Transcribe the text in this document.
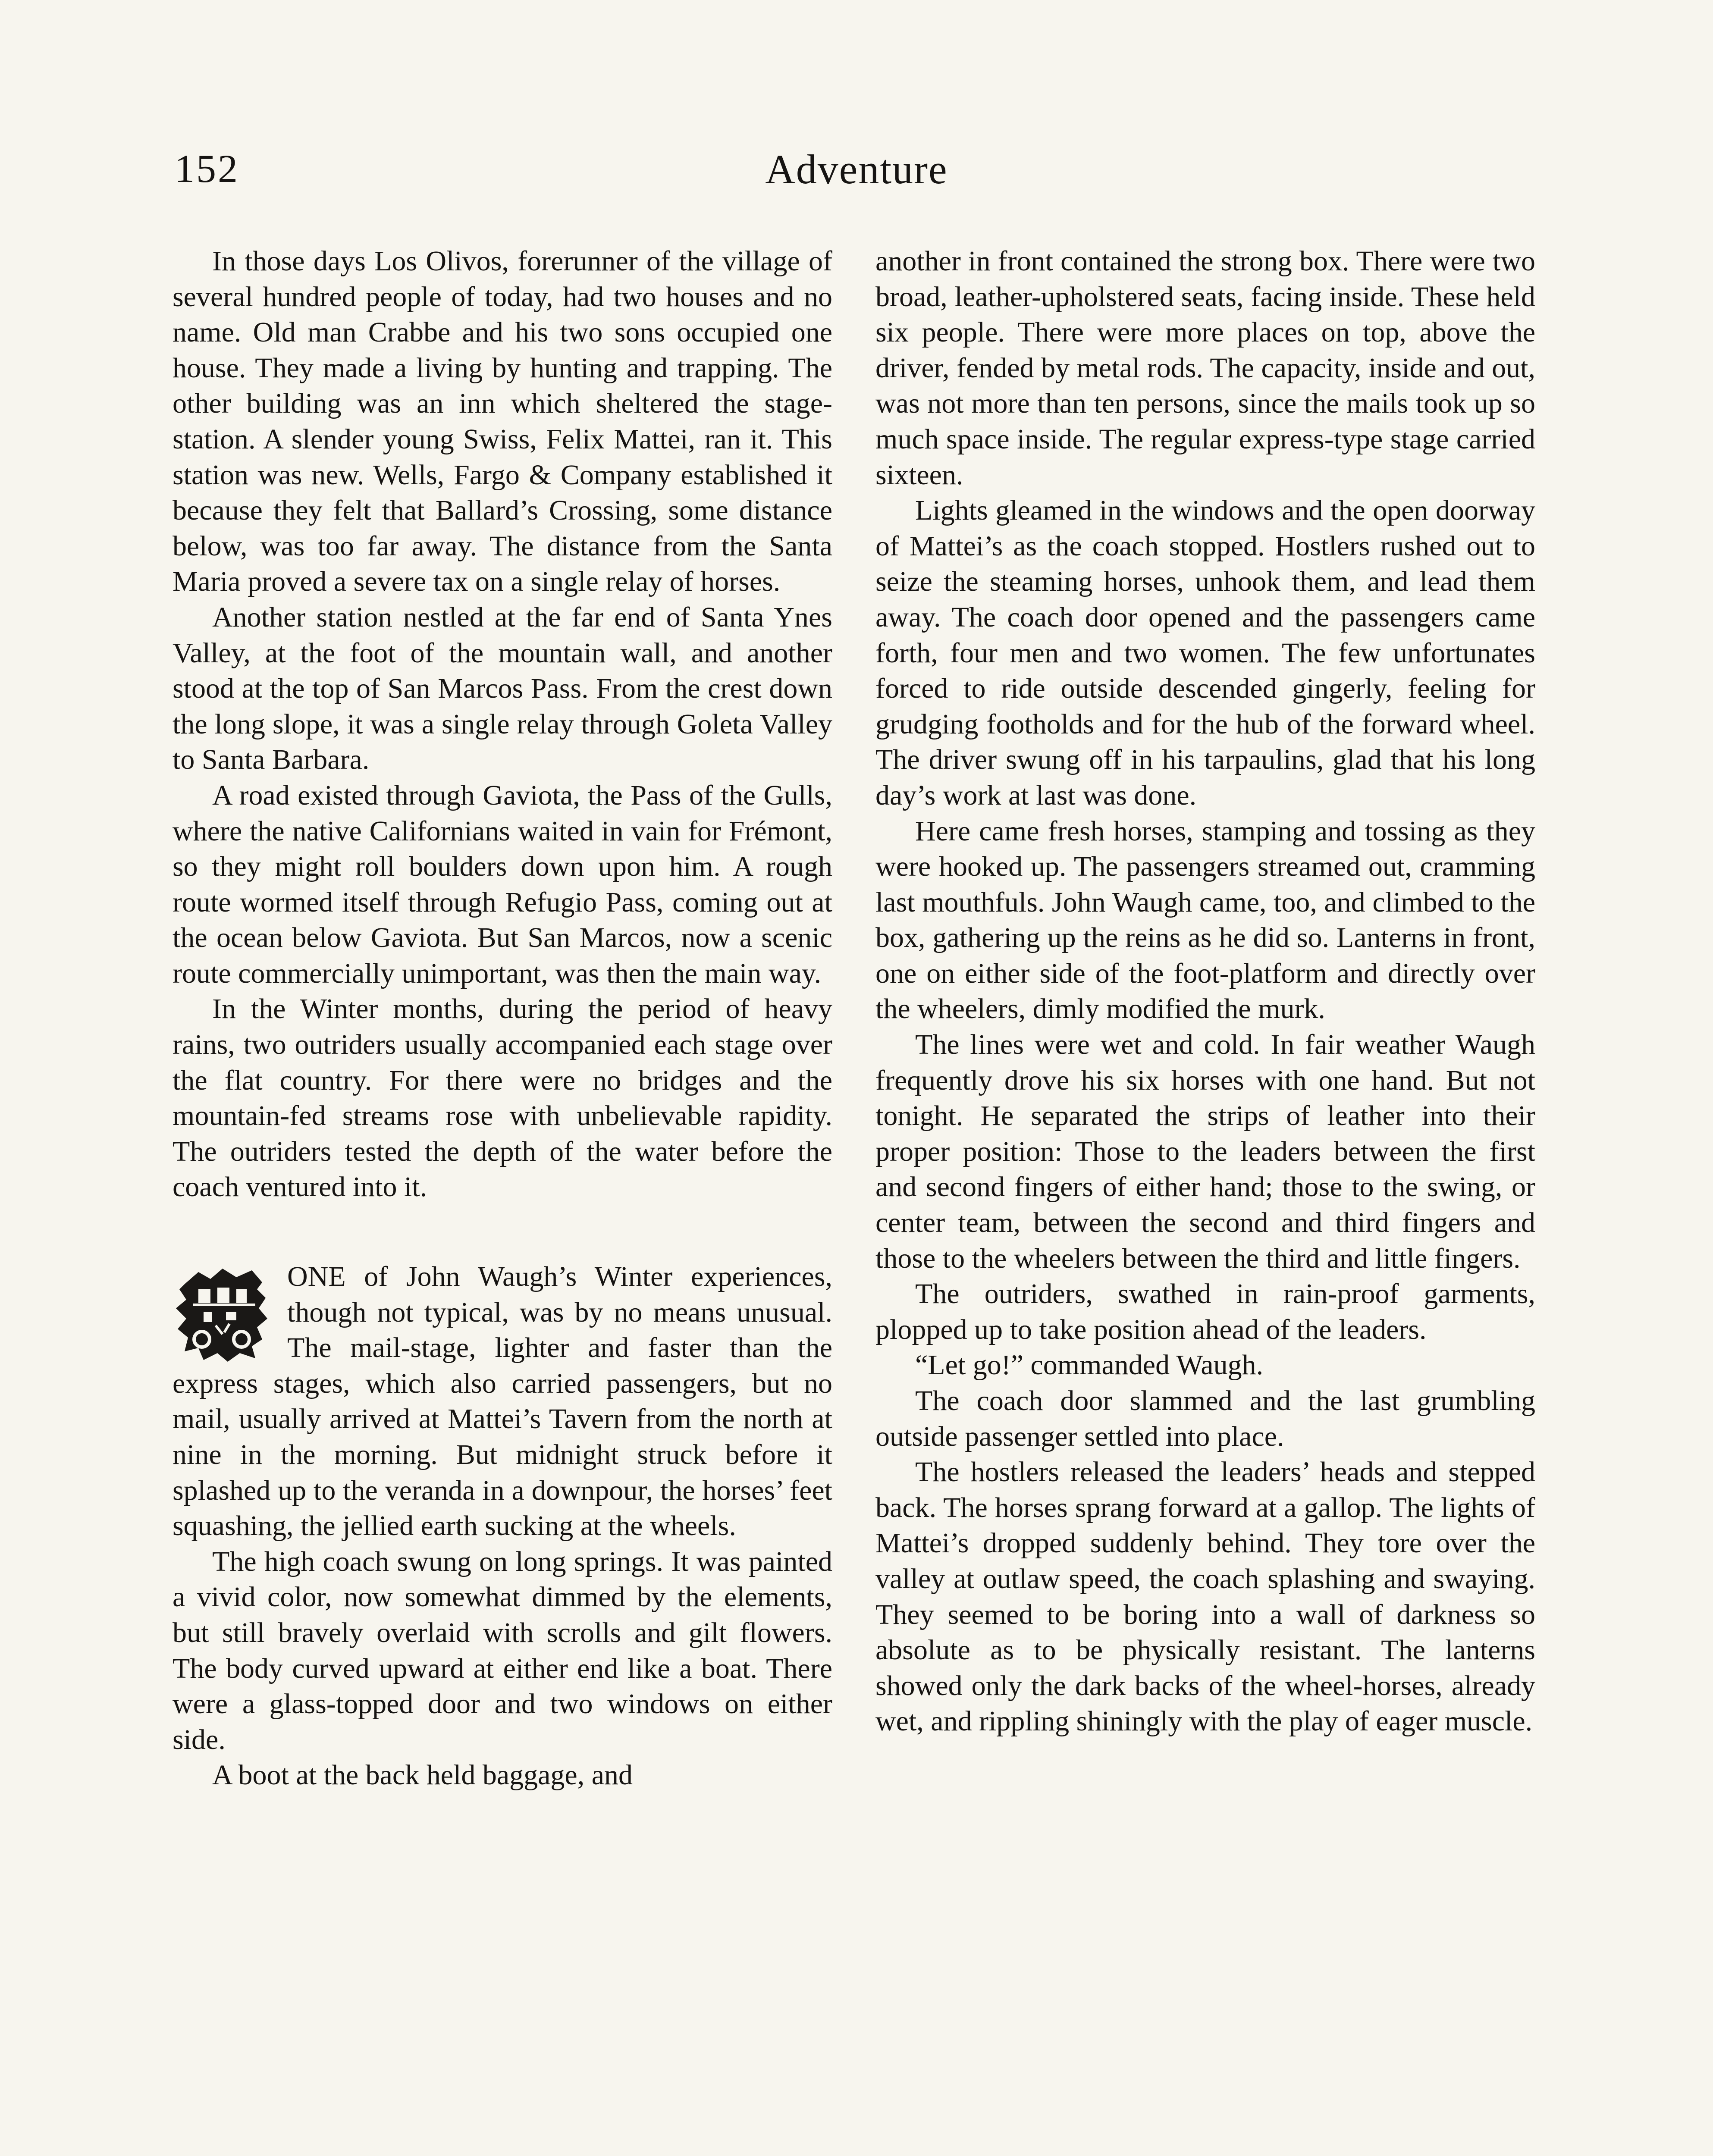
152	Adventure

In those days Los Olivos, forerunner of the village of several hundred people of today, had two houses and no name. Old man Crabbe and his two sons occupied one house. They made a living by hunting and trapping. The other building was an inn which sheltered the stage-station. A slender young Swiss, Felix Mattei, ran it. This station was new. Wells, Fargo & Company established it because they felt that Ballard’s Crossing, some distance below, was too far away. The distance from the Santa Maria proved a severe tax on a single relay of horses.

Another station nestled at the far end of Santa Ynes Valley, at the foot of the mountain wall, and another stood at the top of San Marcos Pass. From the crest down the long slope, it was a single relay through Goleta Valley to Santa Barbara.

A road existed through Gaviota, the Pass of the Gulls, where the native Californians waited in vain for Frémont, so they might roll boulders down upon him. A rough route wormed itself through Refugio Pass, coming out at the ocean below Gaviota. But San Marcos, now a scenic route commercially unimportant, was then the main way.

In the Winter months, during the period of heavy rains, two outriders usually accompanied each stage over the flat country. For there were no bridges and the mountain-fed streams rose with unbelievable rapidity. The outriders tested the depth of the water before the coach ventured into it.

ONE of John Waugh’s Winter experiences, though not typical, was by no means unusual. The mail-stage, lighter and faster than the express stages, which also carried passengers, but no mail, usually arrived at Mattei’s Tavern from the north at nine in the morning. But midnight struck before it splashed up to the veranda in a downpour, the horses’ feet squashing, the jellied earth sucking at the wheels.

The high coach swung on long springs. It was painted a vivid color, now somewhat dimmed by the elements, but still bravely overlaid with scrolls and gilt flowers. The body curved upward at either end like a boat. There were a glass-topped door and two windows on either side.

A boot at the back held baggage, and

another in front contained the strong box. There were two broad, leather-upholstered seats, facing inside. These held six people. There were more places on top, above the driver, fended by metal rods. The capacity, inside and out, was not more than ten persons, since the mails took up so much space inside. The regular express-type stage carried sixteen.

Lights gleamed in the windows and the open doorway of Mattei’s as the coach stopped. Hostlers rushed out to seize the steaming horses, unhook them, and lead them away. The coach door opened and the passengers came forth, four men and two women. The few unfortunates forced to ride outside descended gingerly, feeling for grudging footholds and for the hub of the forward wheel. The driver swung off in his tarpaulins, glad that his long day’s work at last was done.

Here came fresh horses, stamping and tossing as they were hooked up. The passengers streamed out, cramming last mouthfuls. John Waugh came, too, and climbed to the box, gathering up the reins as he did so. Lanterns in front, one on either side of the foot-platform and directly over the wheelers, dimly modified the murk.

The lines were wet and cold. In fair weather Waugh frequently drove his six horses with one hand. But not tonight. He separated the strips of leather into their proper position: Those to the leaders between the first and second fingers of either hand; those to the swing, or center team, between the second and third fingers and those to the wheelers between the third and little fingers.

The outriders, swathed in rain-proof garments, plopped up to take position ahead of the leaders.

“Let go!” commanded Waugh.

The coach door slammed and the last grumbling outside passenger settled into place.

The hostlers released the leaders’ heads and stepped back. The horses sprang forward at a gallop. The lights of Mattei’s dropped suddenly behind. They tore over the valley at outlaw speed, the coach splashing and swaying. They seemed to be boring into a wall of darkness so absolute as to be physically resistant. The lanterns showed only the dark backs of the wheel-horses, already wet, and rippling shiningly with the play of eager muscle.
